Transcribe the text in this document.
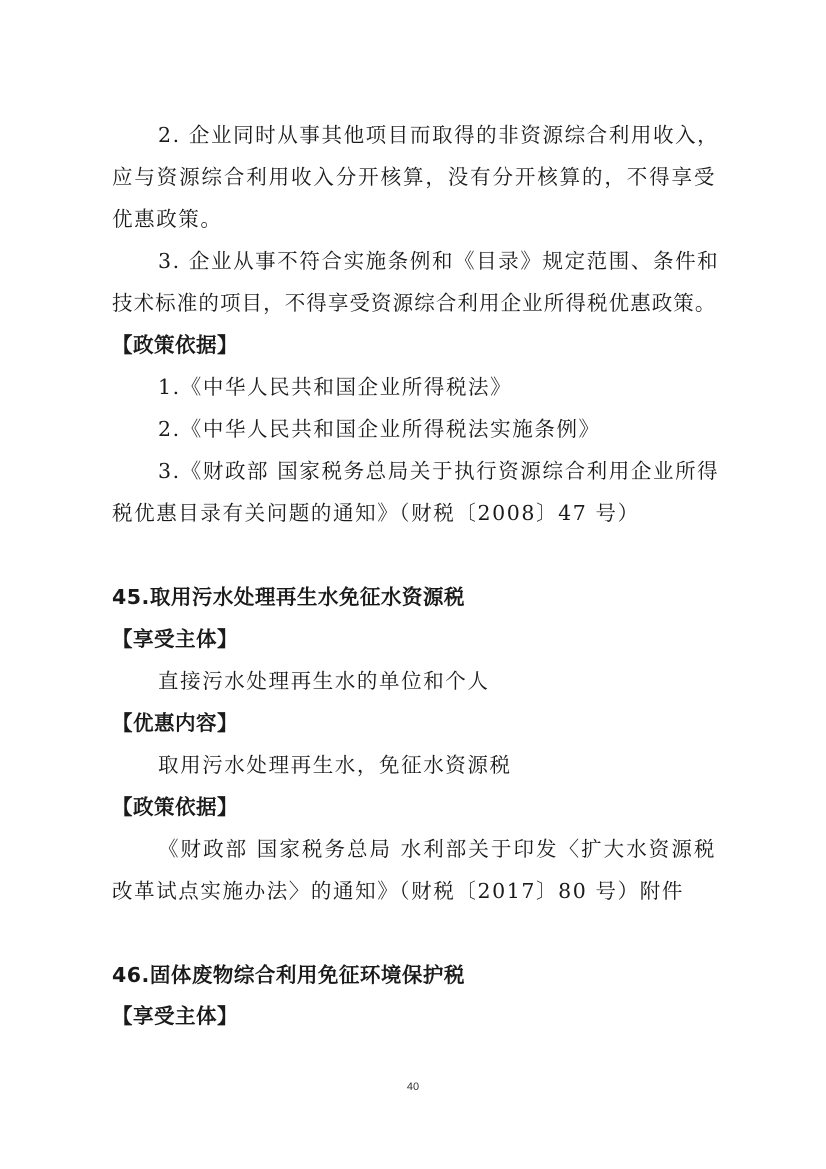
2. 企业同时从事其他项目而取得的非资源综合利用收入，
应与资源综合利用收入分开核算，没有分开核算的，不得享受
优惠政策。
3. 企业从事不符合实施条例和《目录》规定范围、条件和
技术标准的项目，不得享受资源综合利用企业所得税优惠政策。
【政策依据】
1.《中华人民共和国企业所得税法》
2.《中华人民共和国企业所得税法实施条例》
3.《财政部 国家税务总局关于执行资源综合利用企业所得
税优惠目录有关问题的通知》（财税〔2008〕47 号）
45.取用污水处理再生水免征水资源税
【享受主体】
直接污水处理再生水的单位和个人
【优惠内容】
取用污水处理再生水，免征水资源税
【政策依据】
《财政部 国家税务总局 水利部关于印发〈扩大水资源税
改革试点实施办法〉的通知》（财税〔2017〕80 号）附件
46.固体废物综合利用免征环境保护税
【享受主体】
40
